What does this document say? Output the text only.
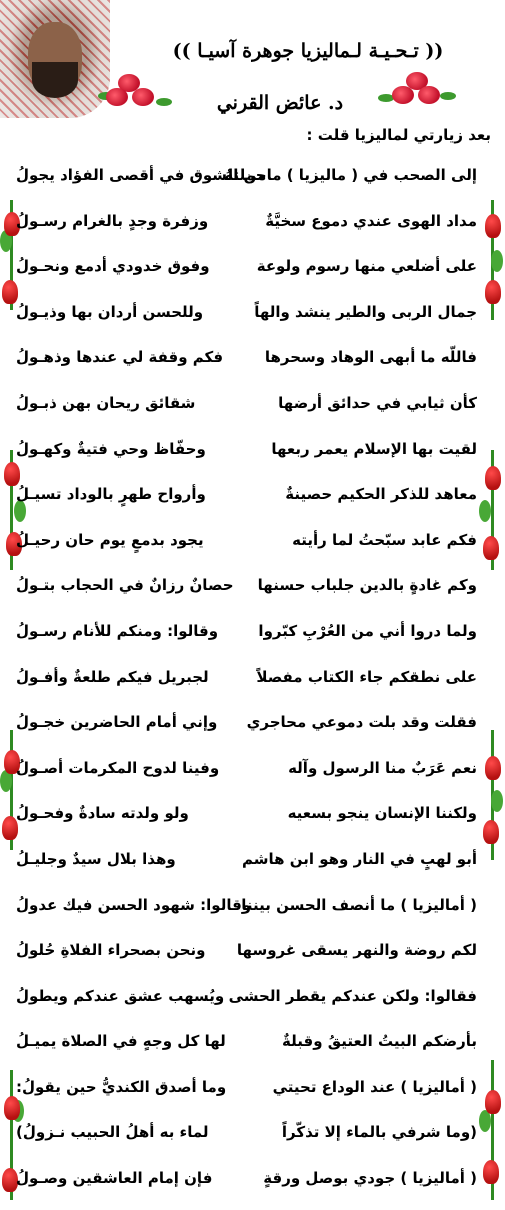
(( تـحـيـة لـماليزيا جوهرة آسيـا ))
د. عائض القرني
بعد زيارتي لماليزيا قلت :
إلى الصحب في ( ماليزيا ) ماحملتهُ
من الشوق في أقصى الفؤاد يجولُ
مداد الهوى عندي دموع سخيَّةٌ
وزفرة وجدٍ بالغرام رسـولُ
على أضلعي منها رسوم ولوعة
وفوق خدودي أدمع ونحـولُ
جمال الربى والطير ينشد والهاً
وللحسن أردان بها وذيـولُ
فاللّه ما أبهى الوهاد وسحرها
فكم وقفة لي عندها وذهـولُ
كأن ثيابي في حدائق أرضها
شقائق ريحان بهن ذبـولُ
لقيت بها الإسلام يعمر ربعها
وحفّاظ وحي فتيةٌ وكهـولُ
معاهد للذكر الحكيم حصينةٌ
وأرواح طهرٍ بالوداد تسيـلُ
فكم عابد سبّحتُ لما رأيته
يجود بدمعٍ يوم حان رحيـلُ
وكم غادةٍ بالدين جلباب حسنها
حصانٌ رزانٌ في الحجاب بتـولُ
ولما دروا أني من العُرْبِ كبّروا
وقالوا: ومنكم للأنام رسـولُ
على نطقكم جاء الكتاب مفصلاً
لجبريل فيكم طلعةٌ وأفـولُ
فقلت وقد بلت دموعي محاجري
وإني أمام الحاضرين خجـولُ
نعم عَرَبٌ منا الرسول وآله
وفينا لدوح المكرمات أصـولُ
ولكننا الإنسان ينجو بسعيه
ولو ولدته سادةٌ وفحـولُ
أبو لهبٍ في النار وهو ابن هاشم
وهذا بلال سيدٌ وجليـلُ
( أماليزيا ) ما أنصف الحسن بيننا
وقالوا: شهود الحسن فيك عدولُ
لكم روضة والنهر يسقى غروسها
ونحن بصحراء الفلاةِ حُلولُ
فقالوا: ولكن عندكم يقطر الحشى
ويُسهب عشق عندكم ويطولُ
بأرضكم البيتُ العتيقُ وقبلةٌ
لها كل وجهٍ في الصلاة يميـلُ
( أماليزيا ) عند الوداع تحيتي
وما أصدق الكنديُّ حين يقولُ:
(وما شرفي بالماء إلا تذكّراً
لماء به أهلُ الحبيب نـزولُ)
( أماليزيا ) جودي بوصل ورقةٍ
فإن إمام العاشقين وصـولُ
